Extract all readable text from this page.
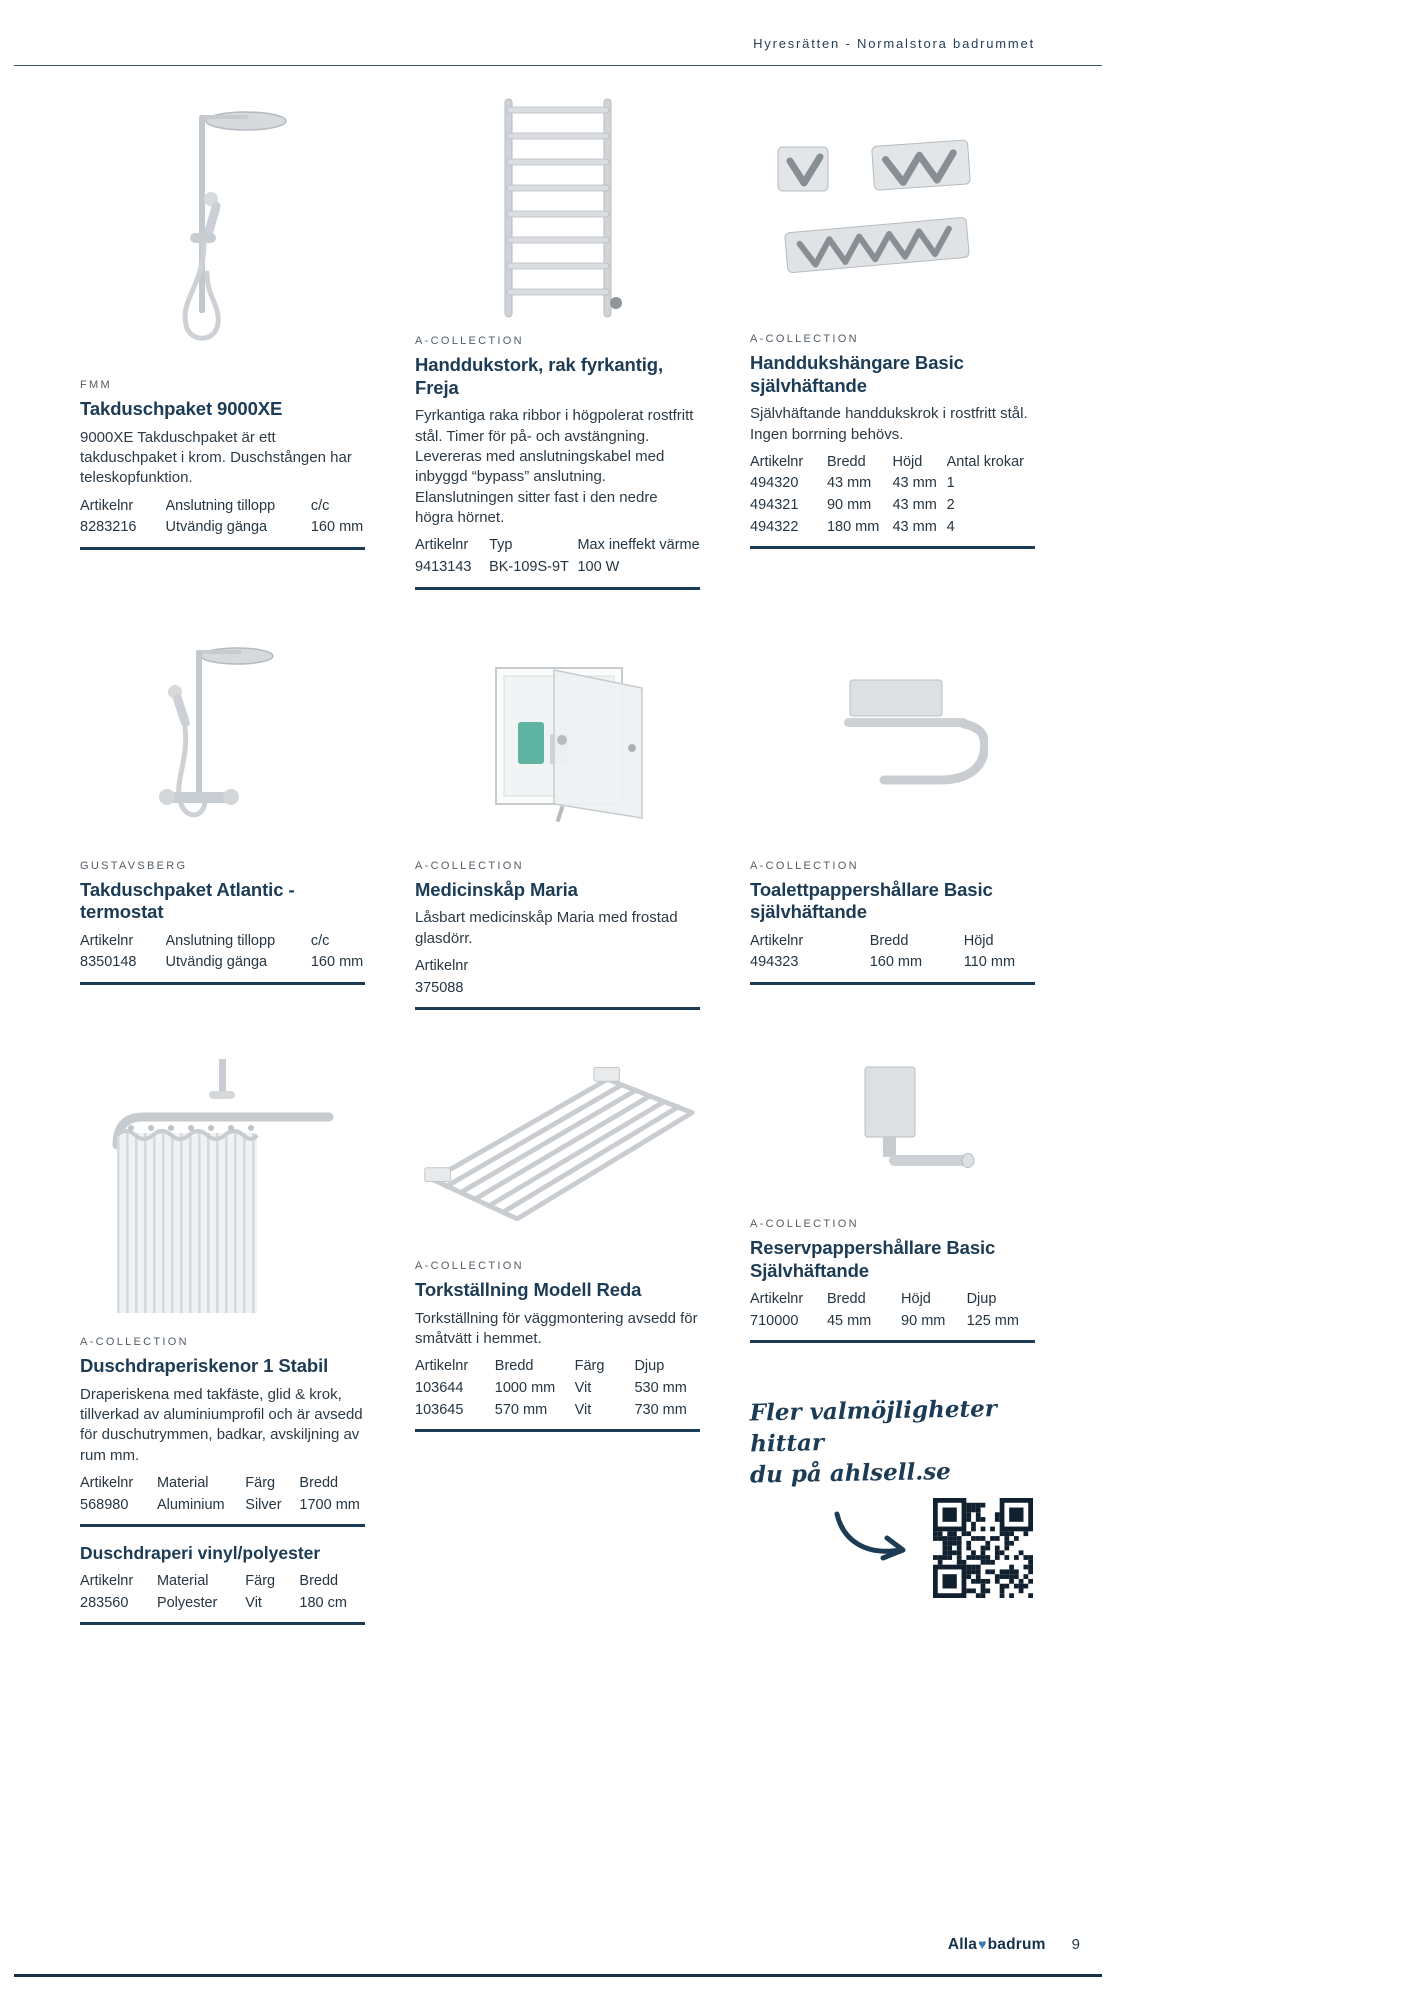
Hyresrätten - Normalstora badrummet
FMM
Takduschpaket 9000XE

9000XE Takduschpaket är ett takduschpaket i krom. Duschstången har teleskopfunktion.

Artikelnr	Anslutning tillopp	c/c
8283216	Utvändig gänga	160 mm
A-COLLECTION
Handdukstork, rak fyrkantig, Freja

Fyrkantiga raka ribbor i högpolerat rostfritt stål. Timer för på- och avstängning. Levereras med anslutningskabel med inbyggd “bypass” anslutning. Elanslutningen sitter fast i den nedre högra hörnet.

Artikelnr	Typ	Max ineffekt värme
9413143	BK-109S-9T	100 W
A-COLLECTION
Handdukshängare Basic självhäftande

Självhäftande handdukskrok i rostfritt stål. Ingen borrning behövs.

Artikelnr	Bredd	Höjd	Antal krokar
494320	43 mm	43 mm	1
494321	90 mm	43 mm	2
494322	180 mm	43 mm	4
GUSTAVSBERG
Takduschpaket Atlantic - termostat
Artikelnr	Anslutning tillopp	c/c
8350148	Utvändig gänga	160 mm
A-COLLECTION
Medicinskåp Maria

Låsbart medicinskåp Maria med frostad glasdörr.

Artikelnr
375088
A-COLLECTION
Toalettpappershållare Basic självhäftande
Artikelnr	Bredd	Höjd
494323	160 mm	110 mm
A-COLLECTION
Duschdraperiskenor 1 Stabil

Draperiskena med takfäste, glid & krok, tillverkad av aluminiumprofil och är avsedd för duschutrymmen, badkar, avskiljning av rum mm.

Artikelnr	Material	Färg	Bredd
568980	Aluminium	Silver	1700 mm
Duschdraperi vinyl/polyester
Artikelnr	Material	Färg	Bredd
283560	Polyester	Vit	180 cm
A-COLLECTION
Torkställning Modell Reda

Torkställning för väggmontering avsedd för småtvätt i hemmet.

Artikelnr	Bredd	Färg	Djup
103644	1000 mm	Vit	530 mm
103645	570 mm	Vit	730 mm
A-COLLECTION
Reservpappershållare Basic Självhäftande
Artikelnr	Bredd	Höjd	Djup
710000	45 mm	90 mm	125 mm
Fler valmöjligheter hittar
du på ahlsell.se
Alla♥badrum 9
